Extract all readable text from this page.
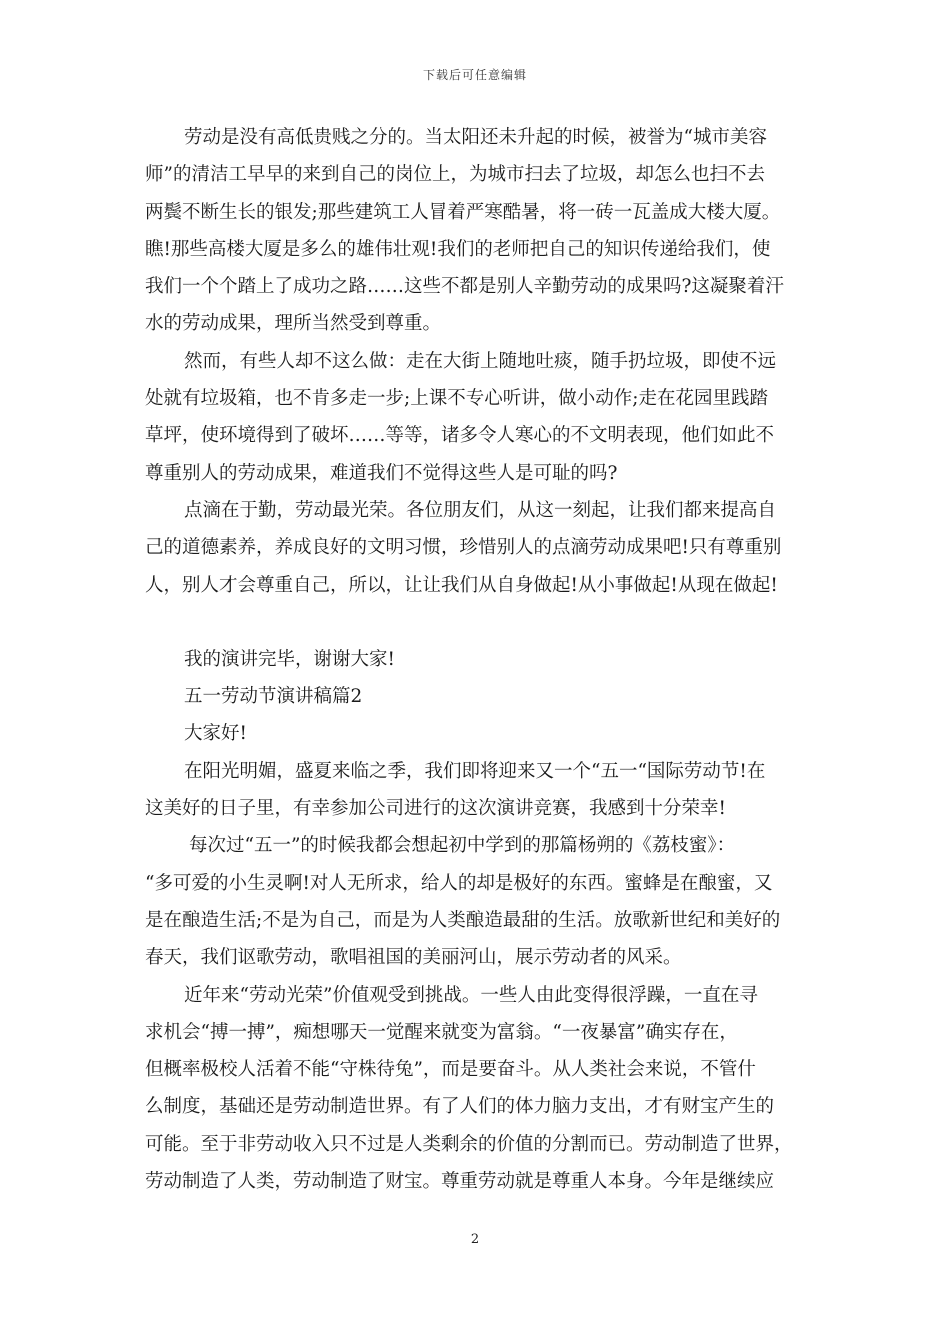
下载后可任意编辑

劳动是没有高低贵贱之分的。当太阳还未升起的时候，被誉为“城市美容

师”的清洁工早早的来到自己的岗位上，为城市扫去了垃圾，却怎么也扫不去

两鬓不断生长的银发;那些建筑工人冒着严寒酷暑，将一砖一瓦盖成大楼大厦。

瞧!那些高楼大厦是多么的雄伟壮观!我们的老师把自己的知识传递给我们，使

我们一个个踏上了成功之路……这些不都是别人辛勤劳动的成果吗?这凝聚着汗

水的劳动成果，理所当然受到尊重。

然而，有些人却不这么做：走在大街上随地吐痰，随手扔垃圾，即使不远

处就有垃圾箱，也不肯多走一步;上课不专心听讲，做小动作;走在花园里践踏

草坪，使环境得到了破坏……等等，诸多令人寒心的不文明表现，他们如此不

尊重别人的劳动成果，难道我们不觉得这些人是可耻的吗?

点滴在于勤，劳动最光荣。各位朋友们，从这一刻起，让我们都来提高自

己的道德素养，养成良好的文明习惯，珍惜别人的点滴劳动成果吧!只有尊重别

人，别人才会尊重自己，所以，让让我们从自身做起!从小事做起!从现在做起!

我的演讲完毕，谢谢大家!

五一劳动节演讲稿篇2

大家好!

在阳光明媚，盛夏来临之季，我们即将迎来又一个“五一“国际劳动节!在

这美好的日子里，有幸参加公司进行的这次演讲竞赛，我感到十分荣幸!

每次过“五一”的时候我都会想起初中学到的那篇杨朔的《荔枝蜜》：

“多可爱的小生灵啊!对人无所求，给人的却是极好的东西。蜜蜂是在酿蜜，又

是在酿造生活;不是为自己，而是为人类酿造最甜的生活。放歌新世纪和美好的

春天，我们讴歌劳动，歌唱祖国的美丽河山，展示劳动者的风采。

近年来“劳动光荣”价值观受到挑战。一些人由此变得很浮躁，一直在寻

求机会“搏一搏”，痴想哪天一觉醒来就变为富翁。“一夜暴富”确实存在，

但概率极校人活着不能“守株待兔”，而是要奋斗。从人类社会来说，不管什

么制度，基础还是劳动制造世界。有了人们的体力脑力支出，才有财宝产生的

可能。至于非劳动收入只不过是人类剩余的价值的分割而已。劳动制造了世界，

劳动制造了人类，劳动制造了财宝。尊重劳动就是尊重人本身。今年是继续应

2
